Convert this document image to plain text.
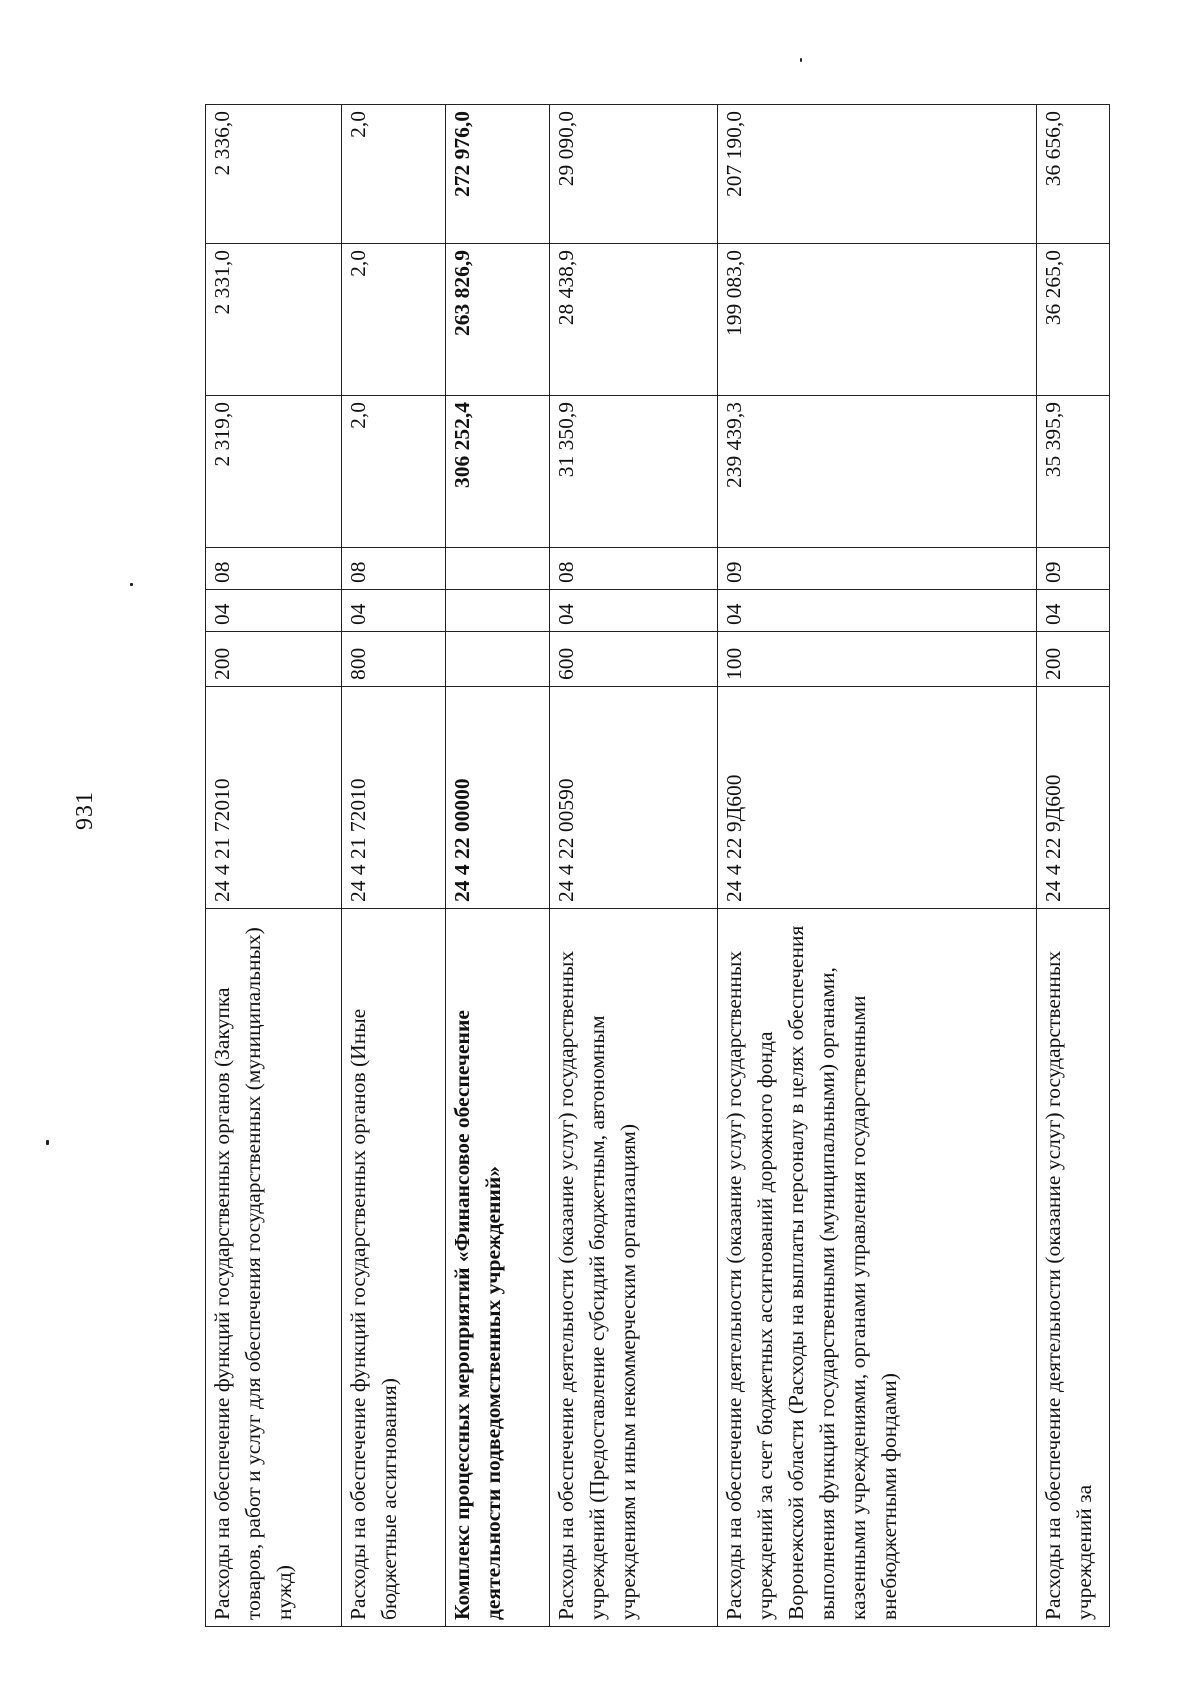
931
Расходы на обеспечение функций государственных органов (Закупка товаров, работ и услуг для обеспечения государственных (муниципальных) нужд)	24 4 21 72010	200	04	08	2 319,0	2 331,0	2 336,0
Расходы на обеспечение функций государственных органов (Иные бюджетные ассигнования)	24 4 21 72010	800	04	08	2,0	2,0	2,0
Комплекс процессных мероприятий «Финансовое обеспечение деятельности подведомственных учреждений»	24 4 22 00000				306 252,4	263 826,9	272 976,0
Расходы на обеспечение деятельности (оказание услуг) государственных учреждений (Предоставление субсидий бюджетным, автономным учреждениям и иным некоммерческим организациям)	24 4 22 00590	600	04	08	31 350,9	28 438,9	29 090,0
Расходы на обеспечение деятельности (оказание услуг) государственных учреждений за счет бюджетных ассигнований дорожного фонда Воронежской области (Расходы на выплаты персоналу в целях обеспечения выполнения функций государственными (муниципальными) органами, казенными учреждениями, органами управления государственными внебюджетными фондами)	24 4 22 9Д600	100	04	09	239 439,3	199 083,0	207 190,0
Расходы на обеспечение деятельности (оказание услуг) государственных учреждений за	24 4 22 9Д600	200	04	09	35 395,9	36 265,0	36 656,0
